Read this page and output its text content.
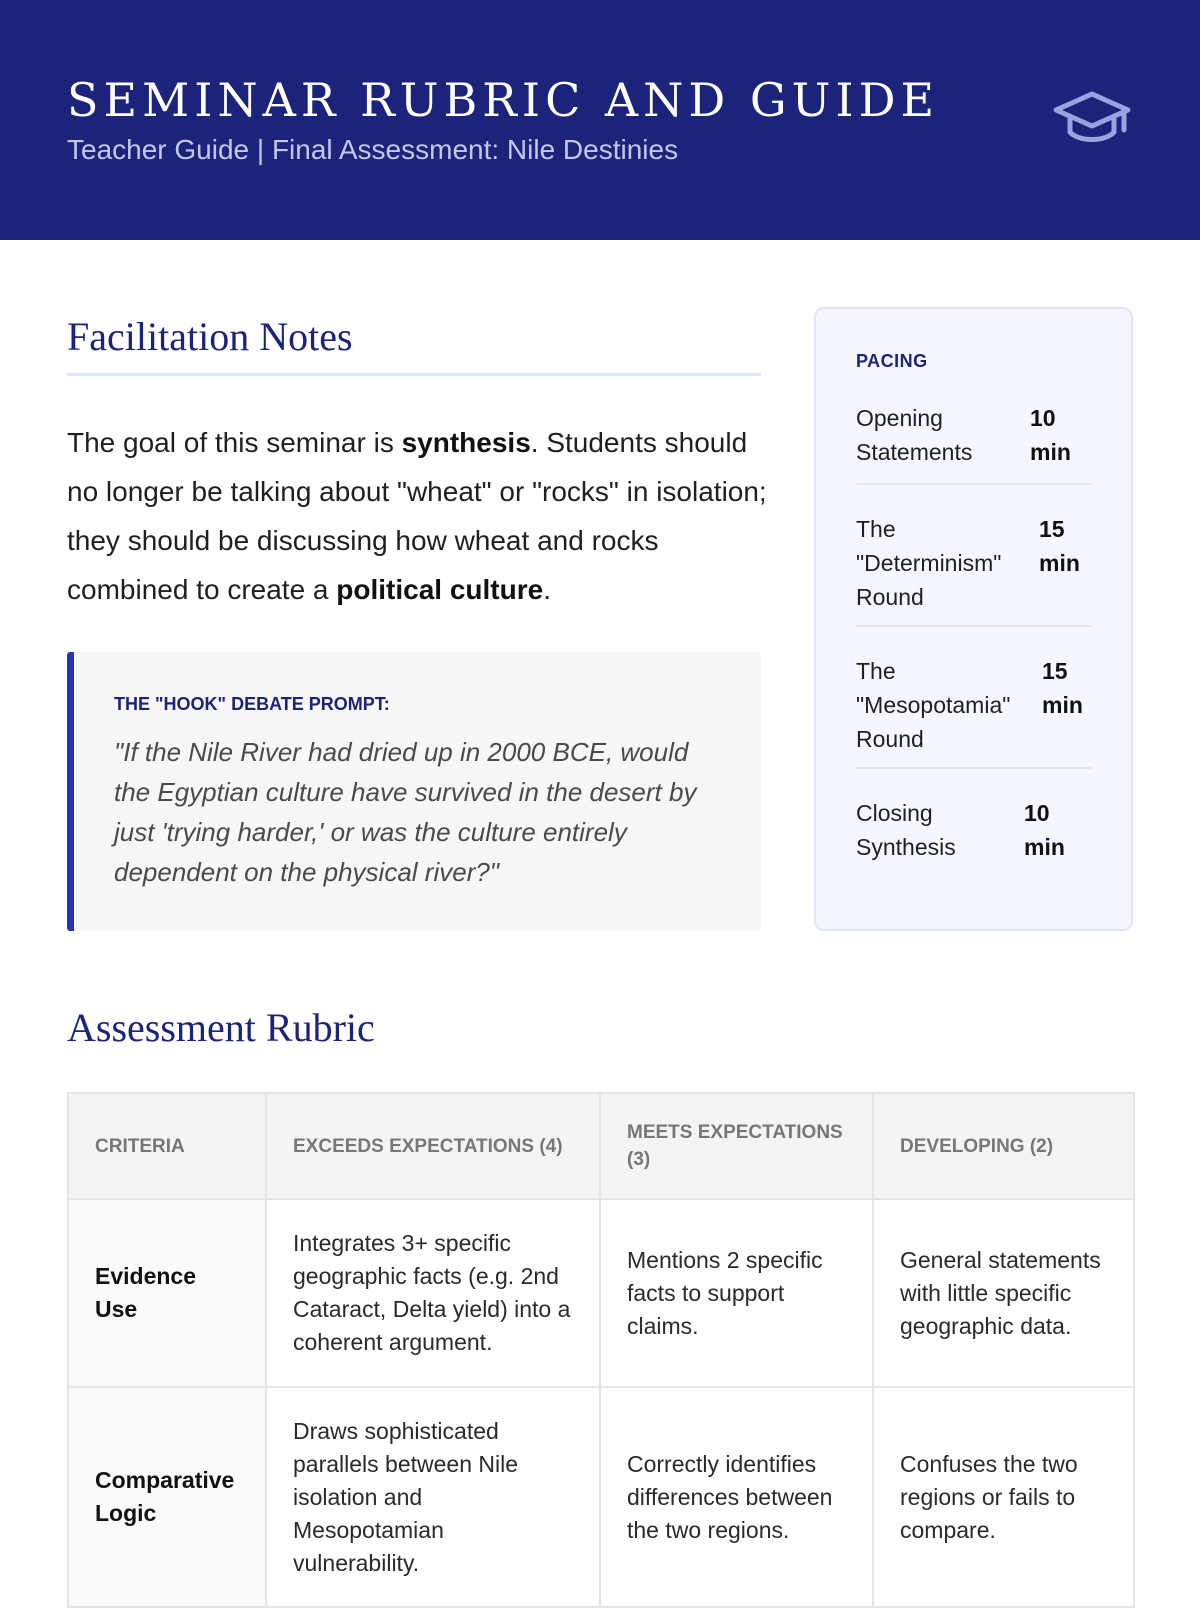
SEMINAR RUBRIC AND GUIDE
Teacher Guide | Final Assessment: Nile Destinies
Facilitation Notes

The goal of this seminar is synthesis. Students should no longer be talking about "wheat" or "rocks" in isolation; they should be discussing how wheat and rocks combined to create a political culture.

THE "HOOK" DEBATE PROMPT:
"If the Nile River had dried up in 2000 BCE, would the Egyptian culture have survived in the desert by just 'trying harder,' or was the culture entirely dependent on the physical river?"
PACING
Opening Statements
10 min
The "Determinism" Round
15 min
The "Mesopotamia" Round
15 min
Closing Synthesis
10 min
Assessment Rubric
CRITERIA	EXCEEDS EXPECTATIONS (4)	MEETS EXPECTATIONS (3)	DEVELOPING (2)
Evidence Use	Integrates 3+ specific geographic facts (e.g. 2nd Cataract, Delta yield) into a coherent argument.	Mentions 2 specific facts to support claims.	General statements with little specific geographic data.
Comparative Logic	Draws sophisticated parallels between Nile isolation and Mesopotamian vulnerability.	Correctly identifies differences between the two regions.	Confuses the two regions or fails to compare.
